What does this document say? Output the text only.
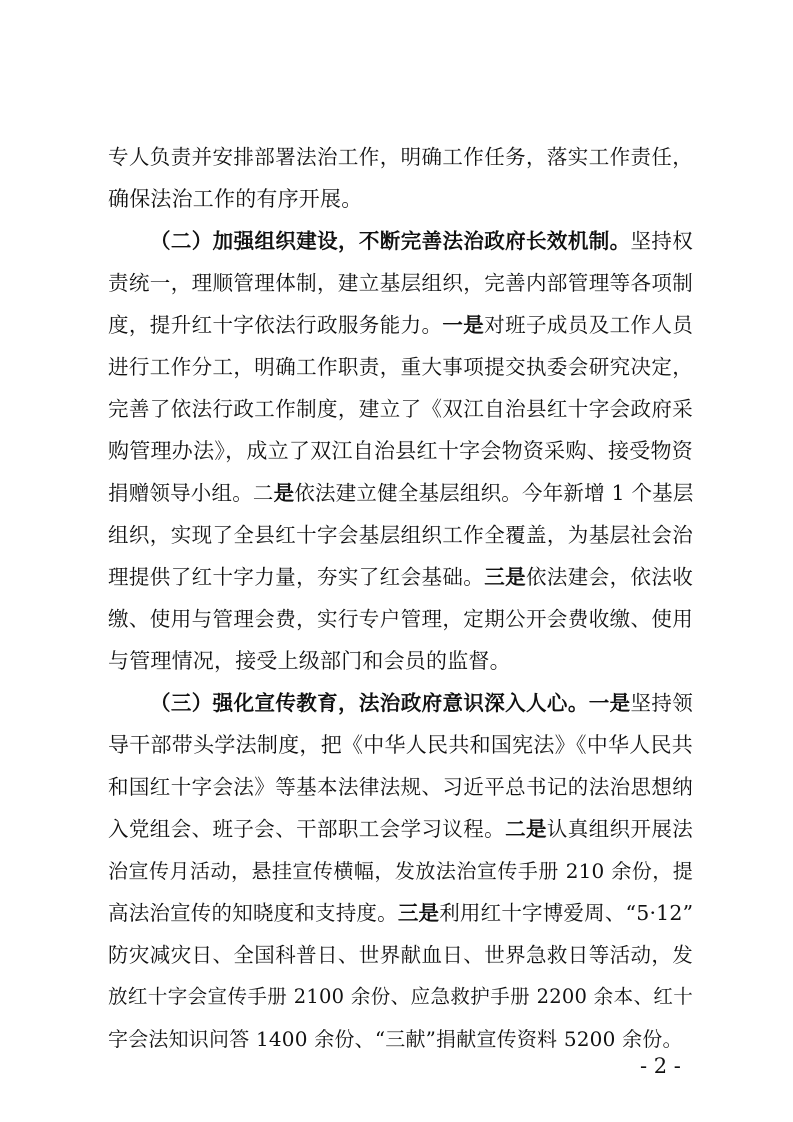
专人负责并安排部署法治工作，明确工作任务，落实工作责任，
确保法治工作的有序开展。
（二）加强组织建设，不断完善法治政府长效机制。坚持权
责统一，理顺管理体制，建立基层组织，完善内部管理等各项制
度，提升红十字依法行政服务能力。一是对班子成员及工作人员
进行工作分工，明确工作职责，重大事项提交执委会研究决定，
完善了依法行政工作制度，建立了《双江自治县红十字会政府采
购管理办法》，成立了双江自治县红十字会物资采购、接受物资
捐赠领导小组。二是依法建立健全基层组织。今年新增 1 个基层
组织，实现了全县红十字会基层组织工作全覆盖，为基层社会治
理提供了红十字力量，夯实了红会基础。三是依法建会，依法收
缴、使用与管理会费，实行专户管理，定期公开会费收缴、使用
与管理情况，接受上级部门和会员的监督。
（三）强化宣传教育，法治政府意识深入人心。一是坚持领
导干部带头学法制度，把《中华人民共和国宪法》《中华人民共
和国红十字会法》等基本法律法规、习近平总书记的法治思想纳
入党组会、班子会、干部职工会学习议程。二是认真组织开展法
治宣传月活动，悬挂宣传横幅，发放法治宣传手册 210 余份，提
高法治宣传的知晓度和支持度。三是利用红十字博爱周、“5·12”
防灾减灾日、全国科普日、世界献血日、世界急救日等活动，发
放红十字会宣传手册 2100 余份、应急救护手册 2200 余本、红十
字会法知识问答 1400 余份、“三献”捐献宣传资料 5200 余份。
- 2 -
